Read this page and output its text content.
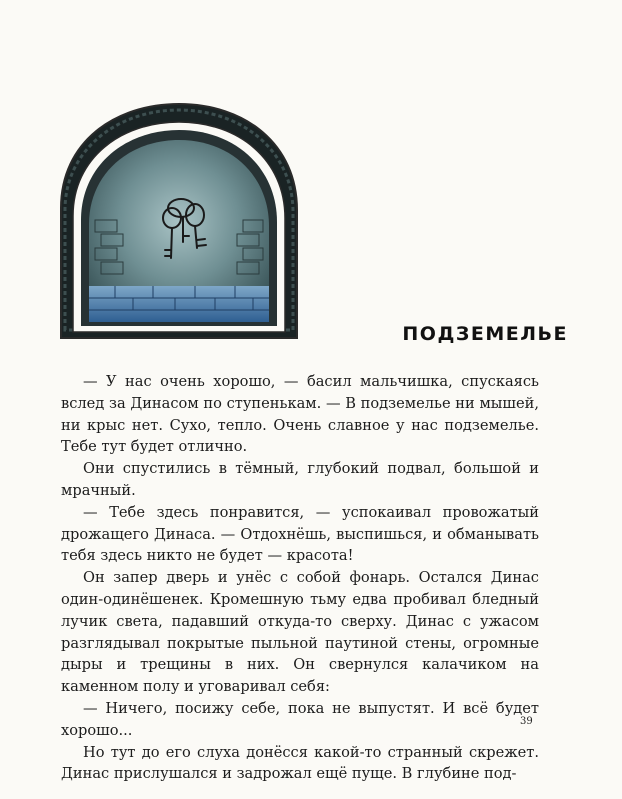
ПОДЗЕМЕЛЬЕ

— У нас очень хорошо, — басил мальчишка, спускаясь вслед за Динасом по ступенькам. — В подземелье ни мышей, ни крыс нет. Сухо, тепло. Очень славное у нас подземелье. Тебе тут будет отлично.

Они спустились в тёмный, глубокий подвал, большой и мрачный.

— Тебе здесь понравится, — успокаивал провожатый дрожащего Динаса. — Отдохнёшь, выспишься, и обманывать тебя здесь никто не будет — красота!

Он запер дверь и унёс с собой фонарь. Остался Динас один-одинёшенек. Кромешную тьму едва пробивал бледный лучик света, падавший откуда-то сверху. Динас с ужасом разглядывал покрытые пыльной паутиной стены, огромные дыры и трещины в них. Он свернулся калачиком на каменном полу и уговаривал себя:

— Ничего, посижу себе, пока не выпустят. И всё будет хорошо...

Но тут до его слуха донёсся какой-то странный скрежет. Динас прислушался и задрожал ещё пуще. В глубине под-

39
